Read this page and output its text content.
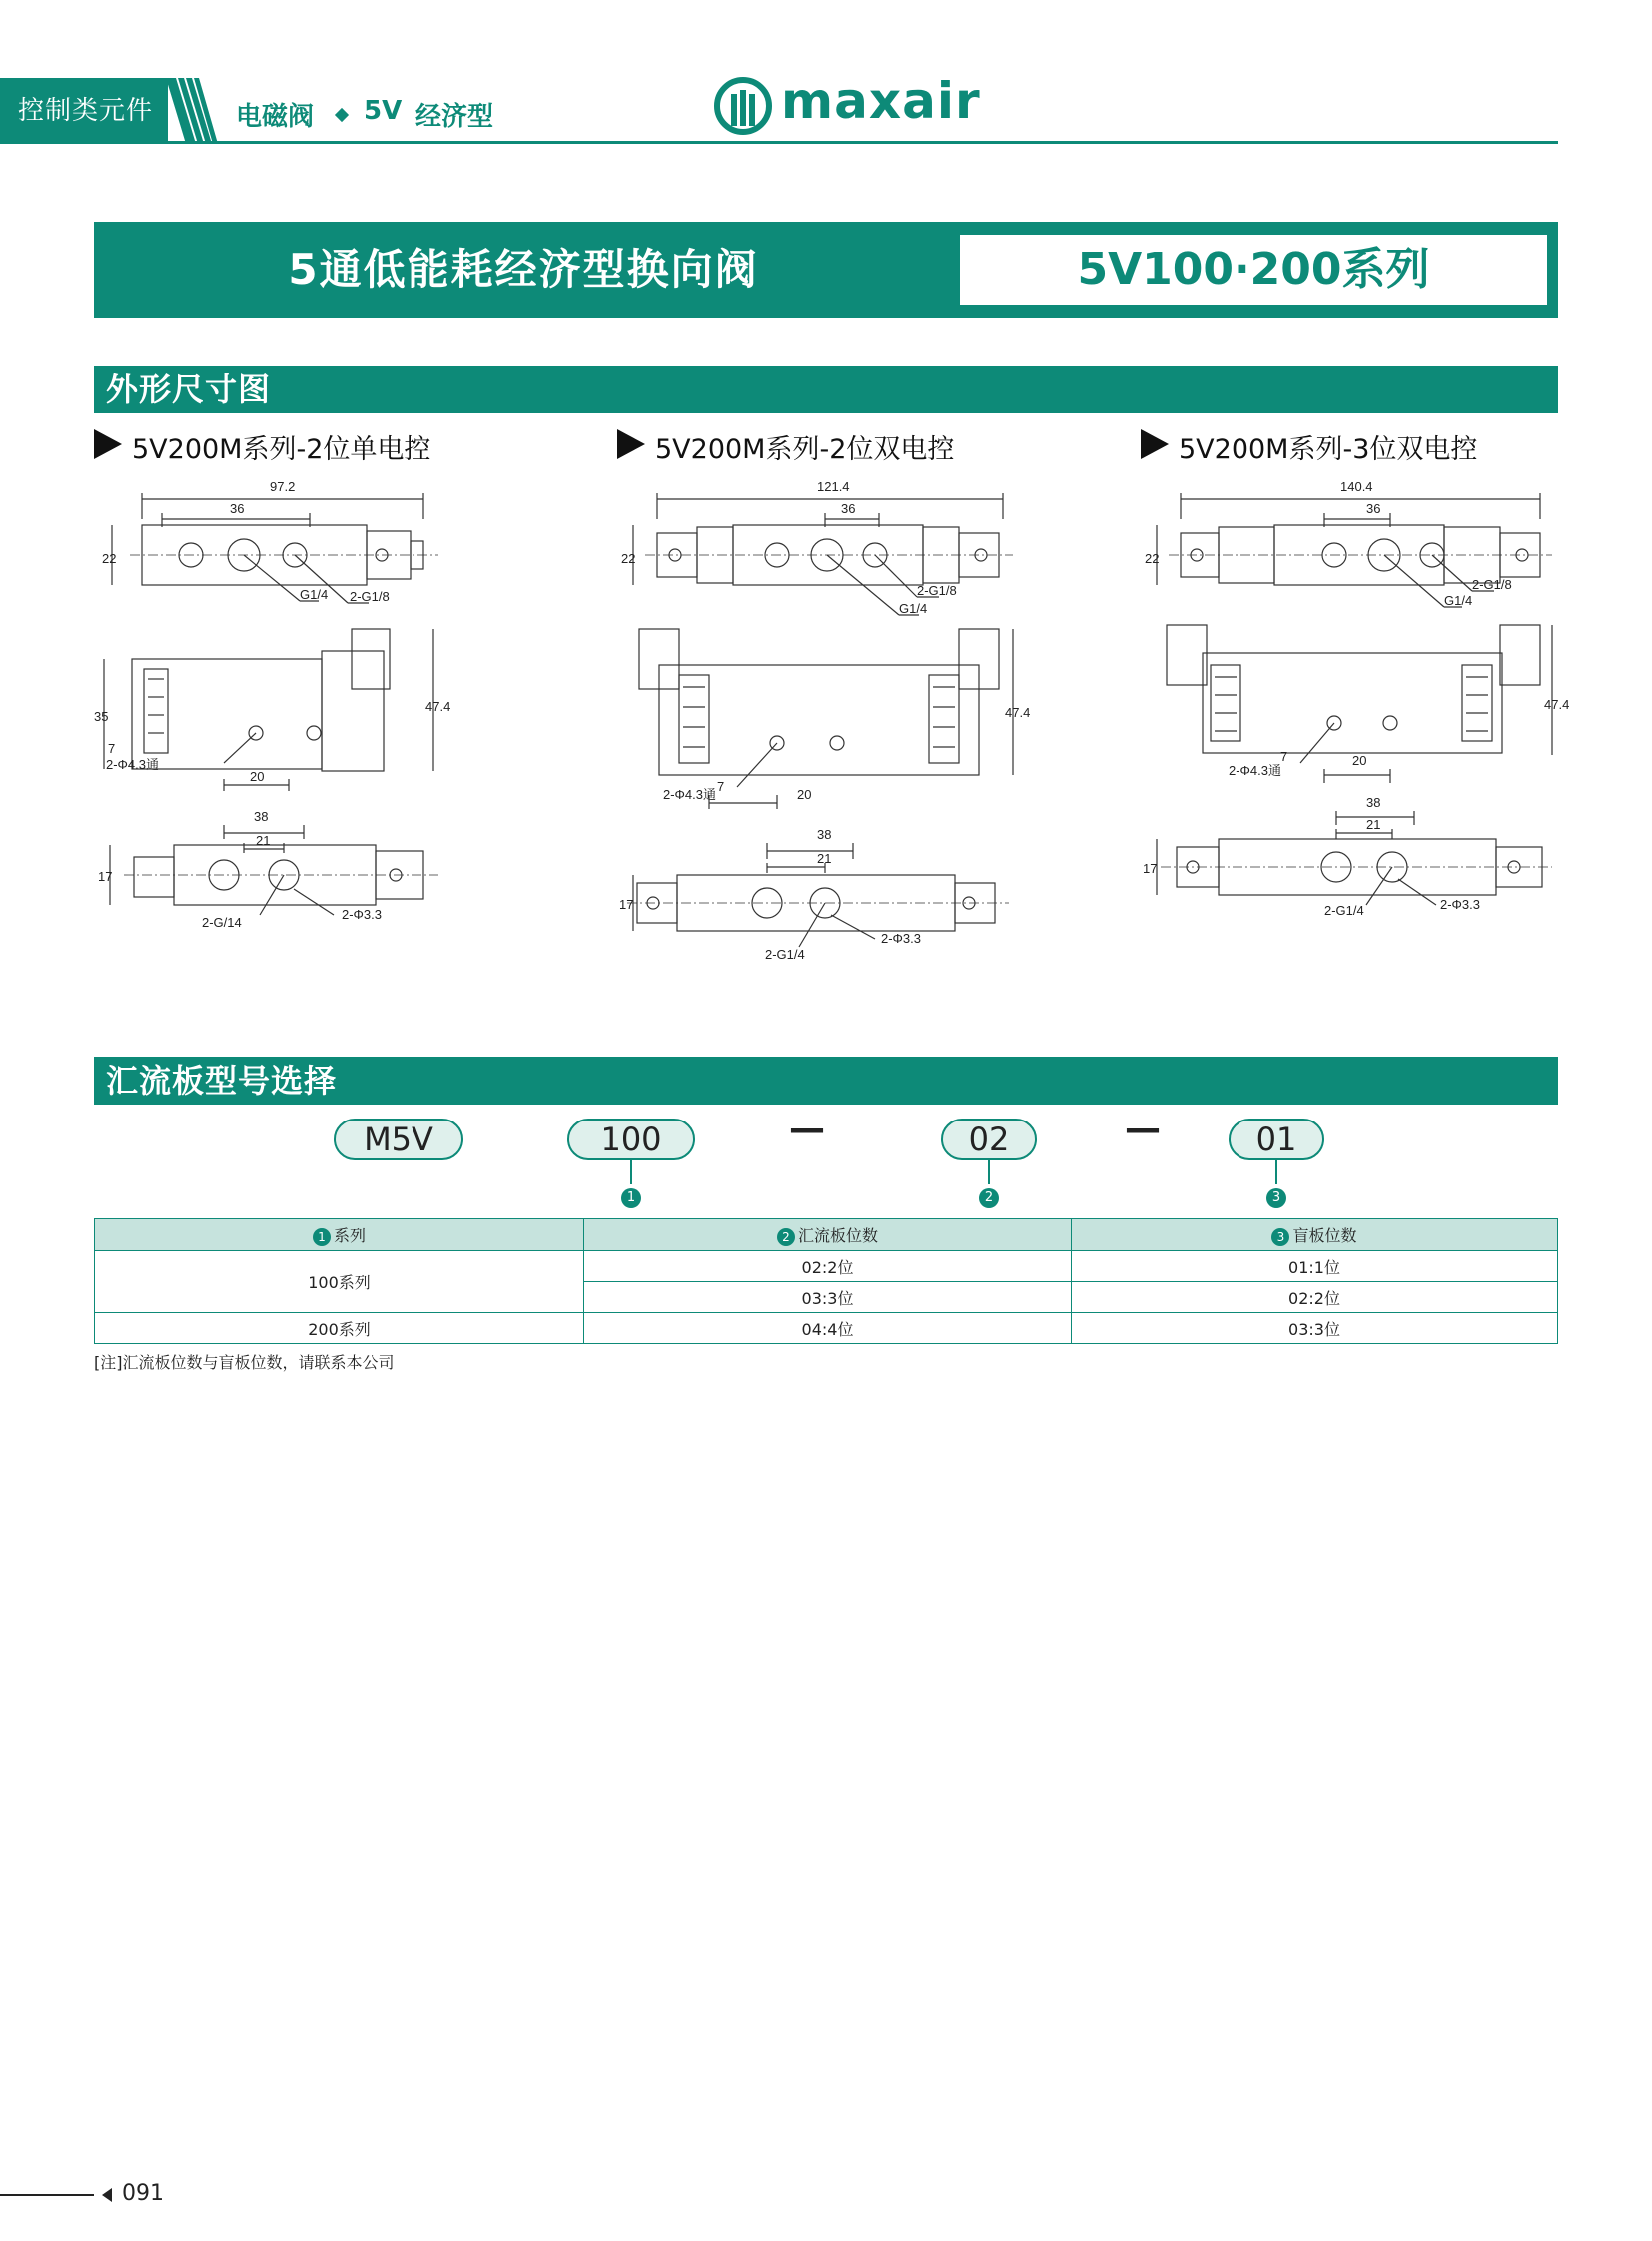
控制类元件	电磁阀 5V 经济型	maxair
5通低能耗经济型换向阀	5V100·200系列
外形尺寸图
5V200M系列-2位单电控	5V200M系列-2位双电控	5V200M系列-3位双电控
97.2
36
22
G1/4 2-G1/8
35
47.4
7
20
2-Φ4.3通
38
21
17
2-G/14
2-Φ3.3
121.4
36
22
2-G1/8
G1/4
47.4
7
20
2-Φ4.3通
38
21
17
2-G1/4
2-Φ3.3
140.4
36
22
2-G1/8
G1/4
47.4
7	20
2-Φ4.3通
38
21
17
2-G1/4	2-Φ3.3
汇流板型号选择
M5V	100	—	02	—	01
1	2	3
1 系列	2 汇流板位数	3 盲板位数
100系列	02:2位	01:1位
	03:3位	02:2位
200系列	04:4位	03:3位
[注]汇流板位数与盲板位数，请联系本公司
091
